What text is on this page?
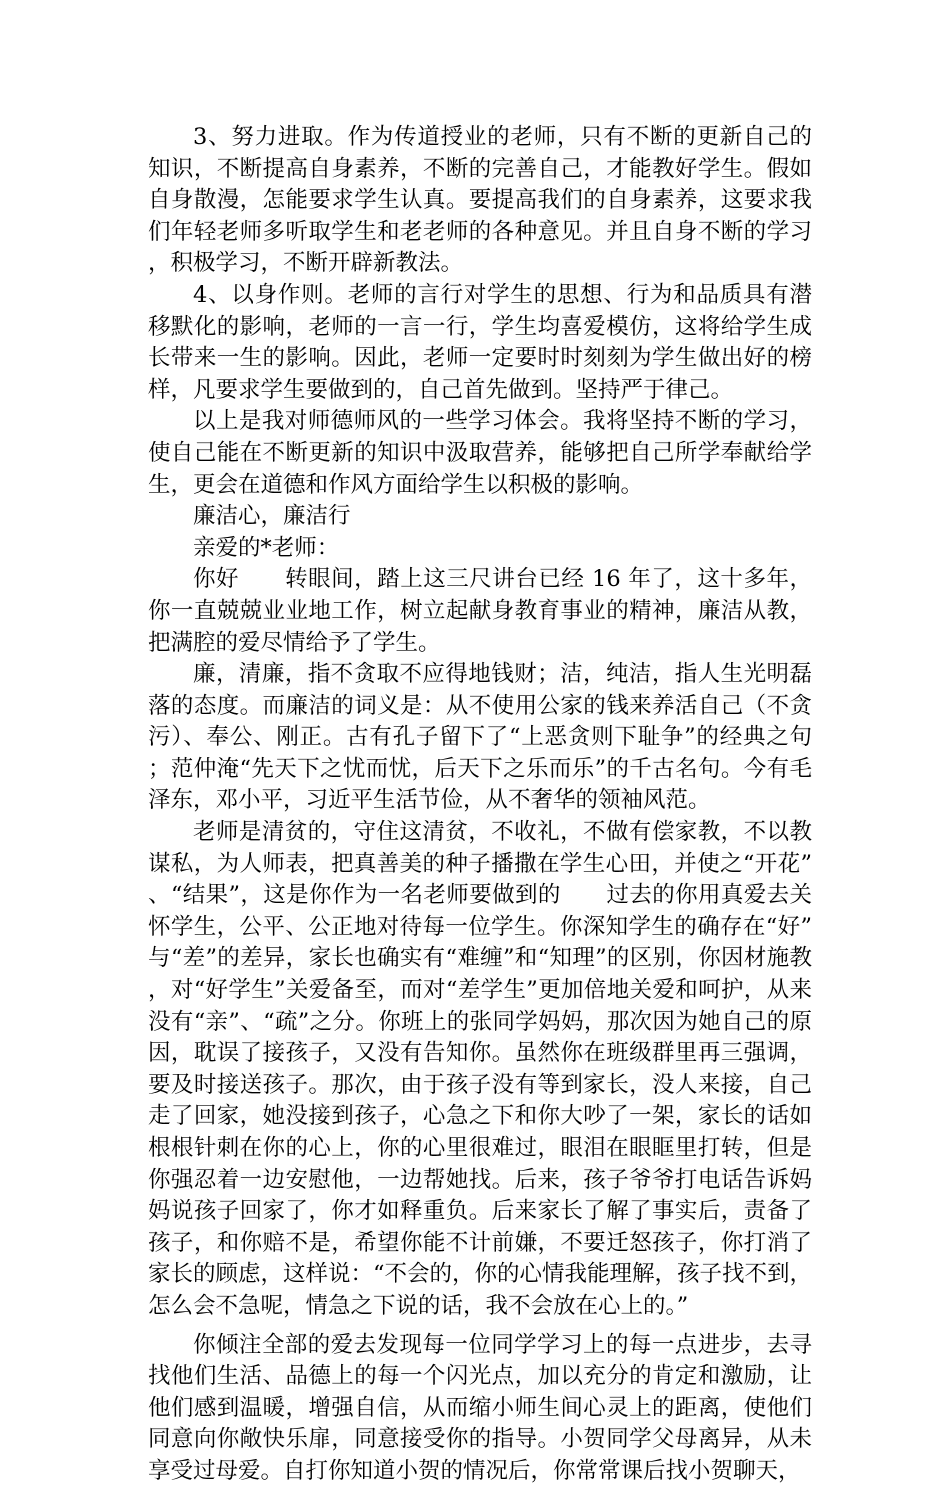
3、努力进取。作为传道授业的老师，只有不断的更新自己的知识，不断提高自身素养，不断的完善自己，才能教好学生。假如自身散漫，怎能要求学生认真。要提高我们的自身素养，这要求我们年轻老师多听取学生和老老师的各种意见。并且自身不断的学习，积极学习，不断开辟新教法。

4、以身作则。老师的言行对学生的思想、行为和品质具有潜移默化的影响，老师的一言一行，学生均喜爱模仿，这将给学生成长带来一生的影响。因此，老师一定要时时刻刻为学生做出好的榜样，凡要求学生要做到的，自己首先做到。坚持严于律己。

以上是我对师德师风的一些学习体会。我将坚持不断的学习，使自己能在不断更新的知识中汲取营养，能够把自己所学奉献给学生，更会在道德和作风方面给学生以积极的影响。

廉洁心，廉洁行

亲爱的*老师：

你好　　转眼间，踏上这三尺讲台已经 16 年了，这十多年，你一直兢兢业业地工作，树立起献身教育事业的精神，廉洁从教，把满腔的爱尽情给予了学生。

廉，清廉，指不贪取不应得地钱财；洁，纯洁，指人生光明磊落的态度。而廉洁的词义是：从不使用公家的钱来养活自己（不贪污）、奉公、刚正。古有孔子留下了“上恶贪则下耻争”的经典之句；范仲淹“先天下之忧而忧，后天下之乐而乐”的千古名句。今有毛泽东，邓小平，习近平生活节俭，从不奢华的领袖风范。

老师是清贫的，守住这清贫，不收礼，不做有偿家教，不以教谋私，为人师表，把真善美的种子播撒在学生心田，并使之“开花”、“结果”，这是你作为一名老师要做到的　　过去的你用真爱去关怀学生，公平、公正地对待每一位学生。你深知学生的确存在“好”与“差”的差异，家长也确实有“难缠”和“知理”的区别，你因材施教，对“好学生”关爱备至，而对“差学生”更加倍地关爱和呵护，从来没有“亲”、“疏”之分。你班上的张同学妈妈，那次因为她自己的原因，耽误了接孩子，又没有告知你。虽然你在班级群里再三强调，要及时接送孩子。那次，由于孩子没有等到家长，没人来接，自己走了回家，她没接到孩子，心急之下和你大吵了一架，家长的话如根根针刺在你的心上，你的心里很难过，眼泪在眼眶里打转，但是你强忍着一边安慰他，一边帮她找。后来，孩子爷爷打电话告诉妈妈说孩子回家了，你才如释重负。后来家长了解了事实后，责备了孩子，和你赔不是，希望你能不计前嫌，不要迁怒孩子，你打消了家长的顾虑，这样说：“不会的，你的心情我能理解，孩子找不到，怎么会不急呢，情急之下说的话，我不会放在心上的。”

你倾注全部的爱去发现每一位同学学习上的每一点进步，去寻找他们生活、品德上的每一个闪光点，加以充分的肯定和激励，让他们感到温暖，增强自信，从而缩小师生间心灵上的距离，使他们同意向你敞快乐扉，同意接受你的指导。小贺同学父母离异，从未享受过母爱。自打你知道小贺的情况后，你常常课后找小贺聊天，
